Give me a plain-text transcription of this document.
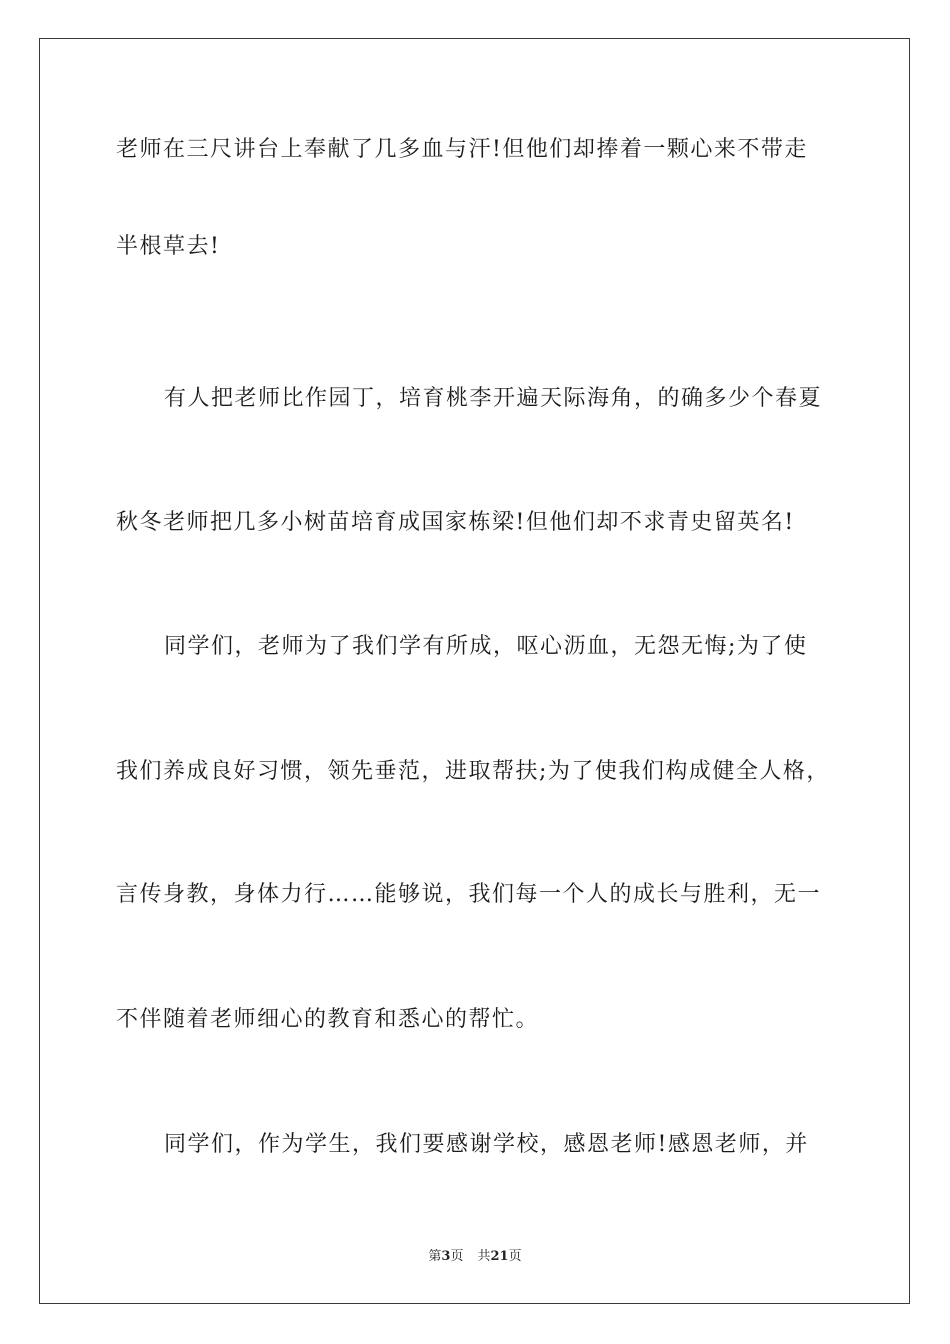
老师在三尺讲台上奉献了几多血与汗!但他们却捧着一颗心来不带走
半根草去!
有人把老师比作园丁，培育桃李开遍天际海角，的确多少个春夏
秋冬老师把几多小树苗培育成国家栋梁!但他们却不求青史留英名!
同学们，老师为了我们学有所成，呕心沥血，无怨无悔;为了使
我们养成良好习惯，领先垂范，进取帮扶;为了使我们构成健全人格，
言传身教，身体力行……能够说，我们每一个人的成长与胜利，无一
不伴随着老师细心的教育和悉心的帮忙。
同学们，作为学生，我们要感谢学校，感恩老师!感恩老师，并
第3页 共21页
